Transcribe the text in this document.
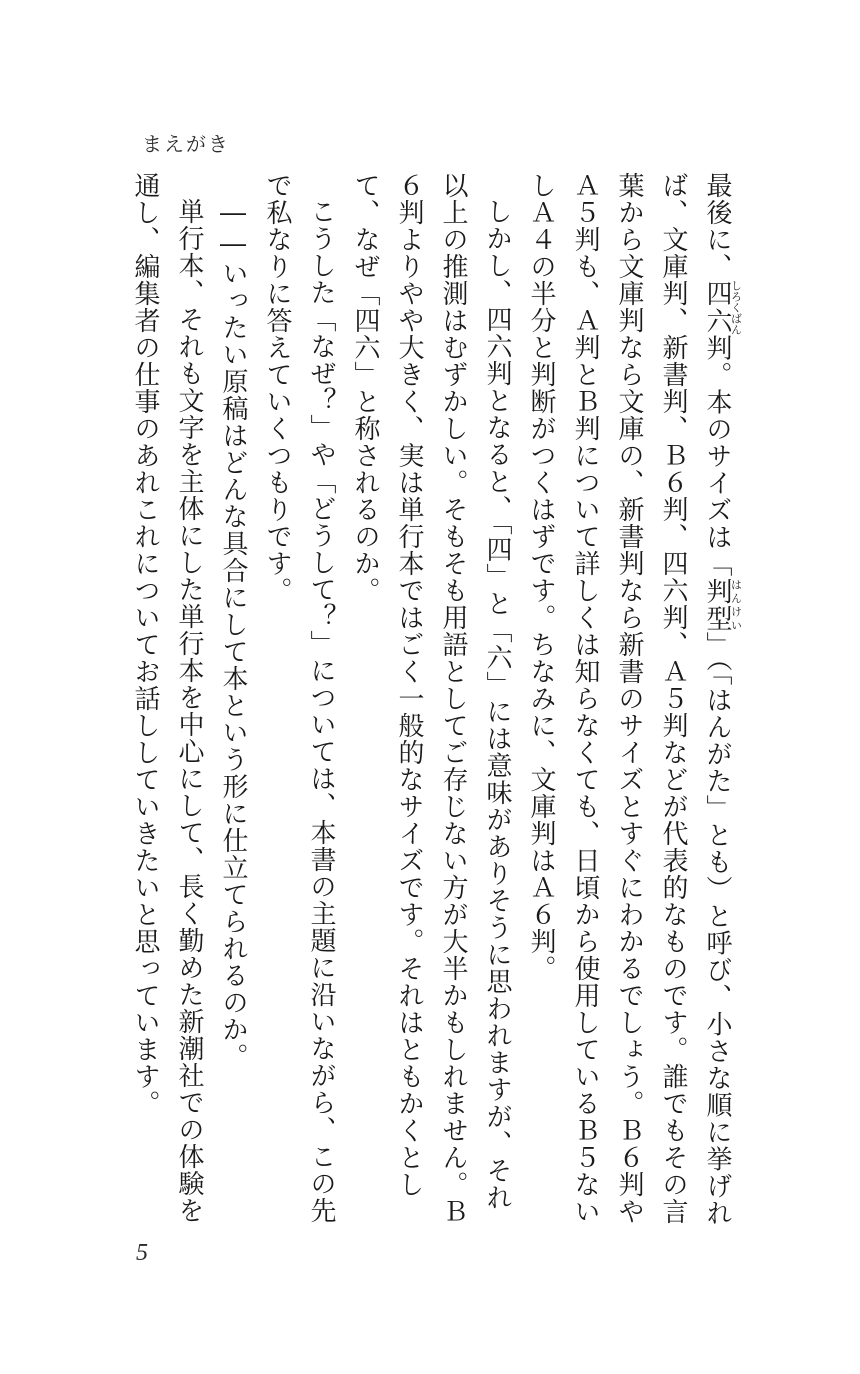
まえがき

最後に、四六しろくばん判。本のサイズは「判型はんけい」（「はんがた」とも）と呼び、小さな順に挙げれば、文庫判、新書判、Ｂ６判、四六判、Ａ５判などが代表的なものです。誰でもその言葉から文庫判なら文庫の、新書判なら新書のサイズとすぐにわかるでしょう。Ｂ６判やＡ５判も、Ａ判とＢ判について詳しくは知らなくても、日頃から使用しているＢ５ないしＡ４の半分と判断がつくはずです。ちなみに、文庫判はＡ６判。

しかし、四六判となると、「四」と「六」には意味がありそうに思われますが、それ以上の推測はむずかしい。そもそも用語としてご存じない方が大半かもしれません。Ｂ６判よりやや大きく、実は単行本ではごく一般的なサイズです。それはともかくとして、なぜ「四六」と称されるのか。

こうした「なぜ？」や「どうして？」については、本書の主題に沿いながら、この先で私なりに答えていくつもりです。

――いったい原稿はどんな具合にして本という形に仕立てられるのか。

単行本、それも文字を主体にした単行本を中心にして、長く勤めた新潮社での体験を通し、編集者の仕事のあれこれについてお話ししていきたいと思っています。

5
